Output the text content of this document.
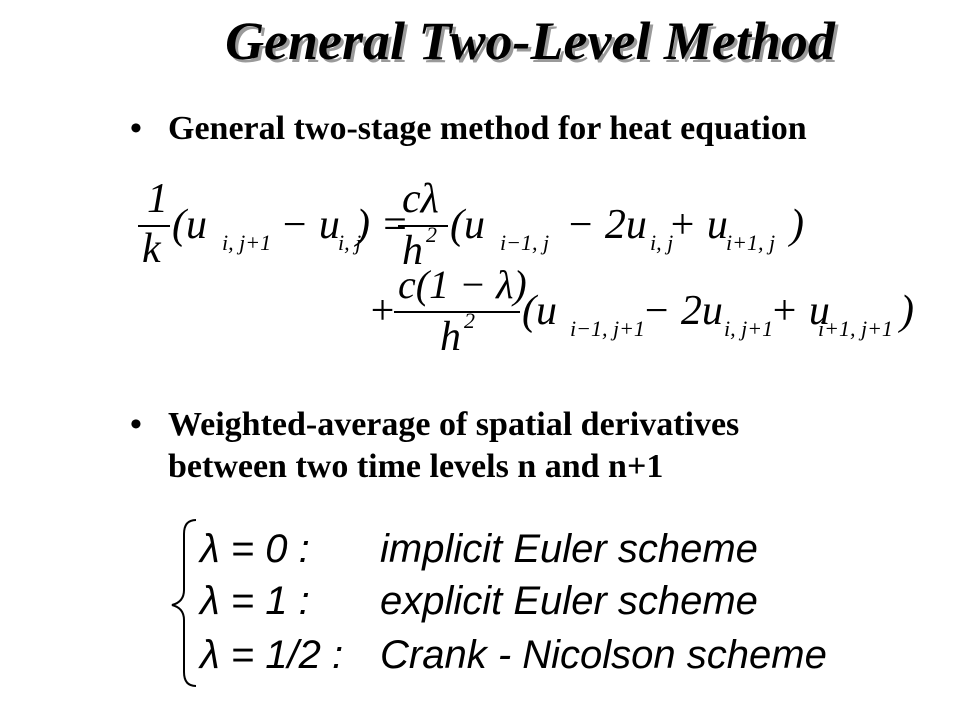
General Two-Level Method
• General two-stage method for heat equation
• Weighted-average of spatial derivatives
between two time levels n and n+1
1
k
(u i, j+1 − u
i, j
) =
cλ
h 2 (u i−1, j − 2u i, j
+ u
i+1, j )
+
c(1 − λ)
h 2 (u i−1, j+1
− 2u i, j+1
+ u
i+1, j+1 )
λ = 0 : implicit Euler scheme
λ = 1 : explicit Euler scheme
λ = 1/2 : Crank - Nicolson scheme
